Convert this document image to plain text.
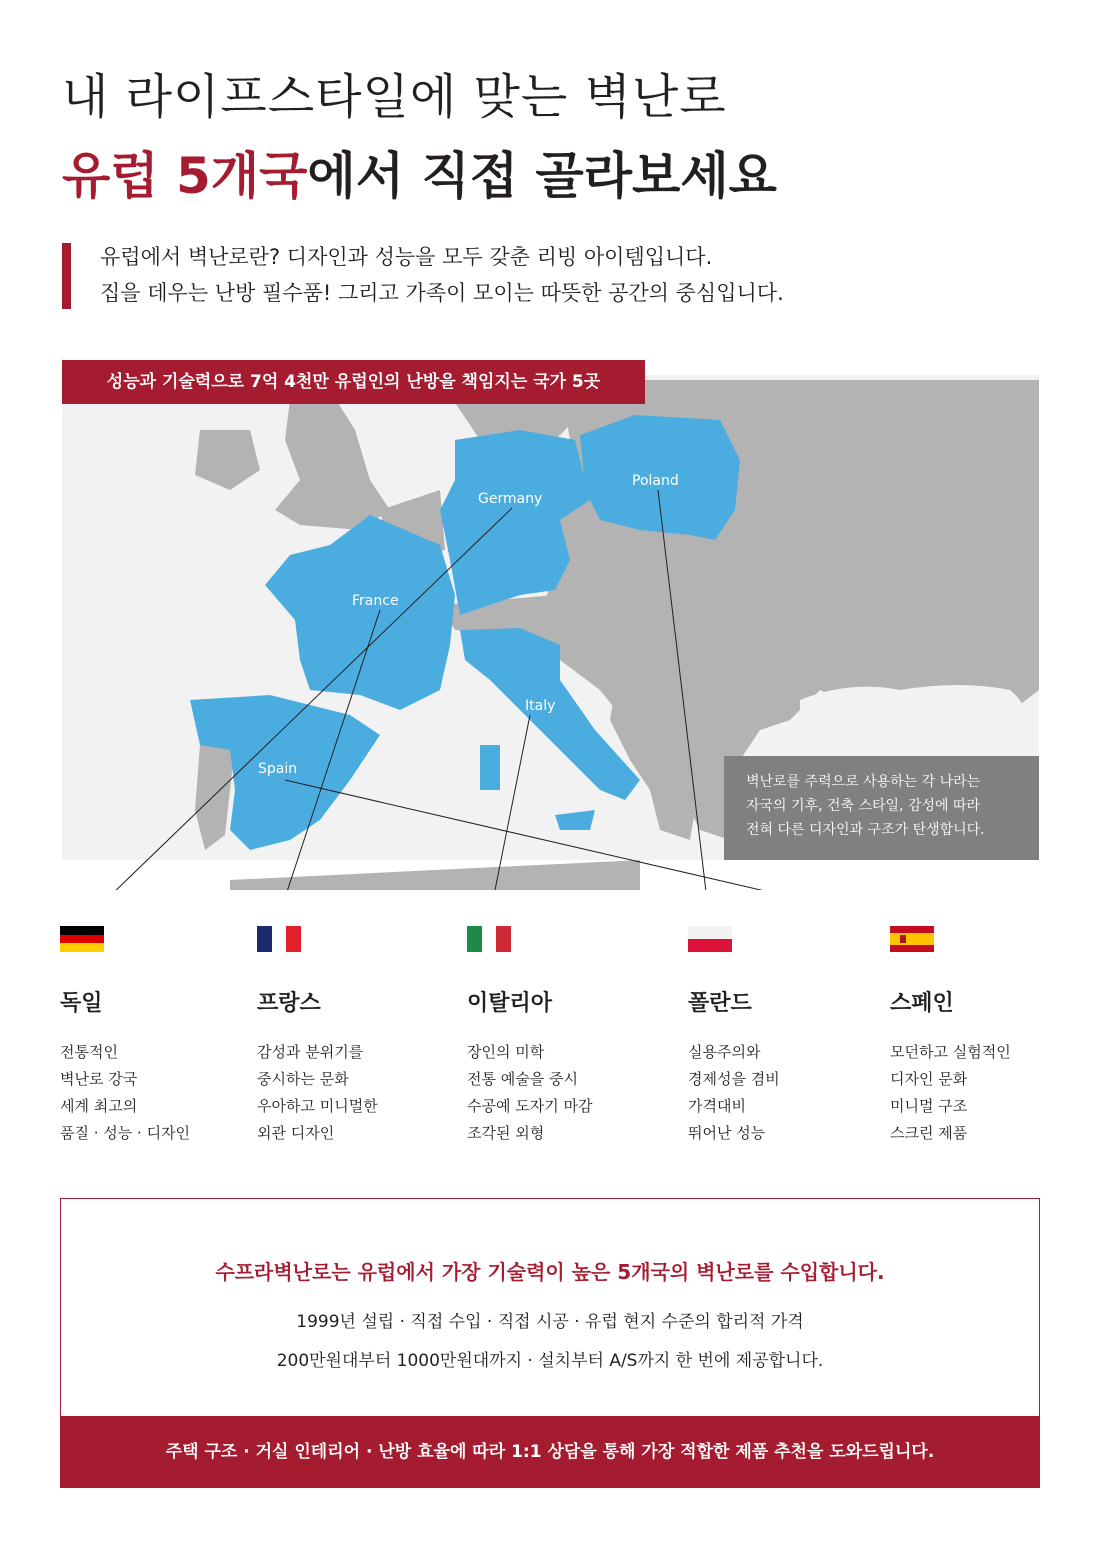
내 라이프스타일에 맞는 벽난로
유럽 5개국에서 직접 골라보세요
유럽에서 벽난로란? 디자인과 성능을 모두 갖춘 리빙 아이템입니다.
집을 데우는 난방 필수품! 그리고 가족이 모이는 따뜻한 공간의 중심입니다.
Germany
Poland
France
Italy
Spain
성능과 기술력으로 7억 4천만 유럽인의 난방을 책임지는 국가 5곳
벽난로를 주력으로 사용하는 각 나라는
자국의 기후, 건축 스타일, 감성에 따라
전혀 다른 디자인과 구조가 탄생합니다.
독일
전통적인
벽난로 강국
세계 최고의
품질 · 성능 · 디자인
프랑스
감성과 분위기를
중시하는 문화
우아하고 미니멀한
외관 디자인
이탈리아
장인의 미학
전통 예술을 중시
수공예 도자기 마감
조각된 외형
폴란드
실용주의와
경제성을 겸비
가격대비
뛰어난 성능
스페인
모던하고 실험적인
디자인 문화
미니멀 구조
스크린 제품
수프라벽난로는 유럽에서 가장 기술력이 높은 5개국의 벽난로를 수입합니다.
1999년 설립 · 직접 수입 · 직접 시공 · 유럽 현지 수준의 합리적 가격
200만원대부터 1000만원대까지 · 설치부터 A/S까지 한 번에 제공합니다.
주택 구조 · 거실 인테리어 · 난방 효율에 따라 1:1 상담을 통해 가장 적합한 제품 추천을 도와드립니다.
